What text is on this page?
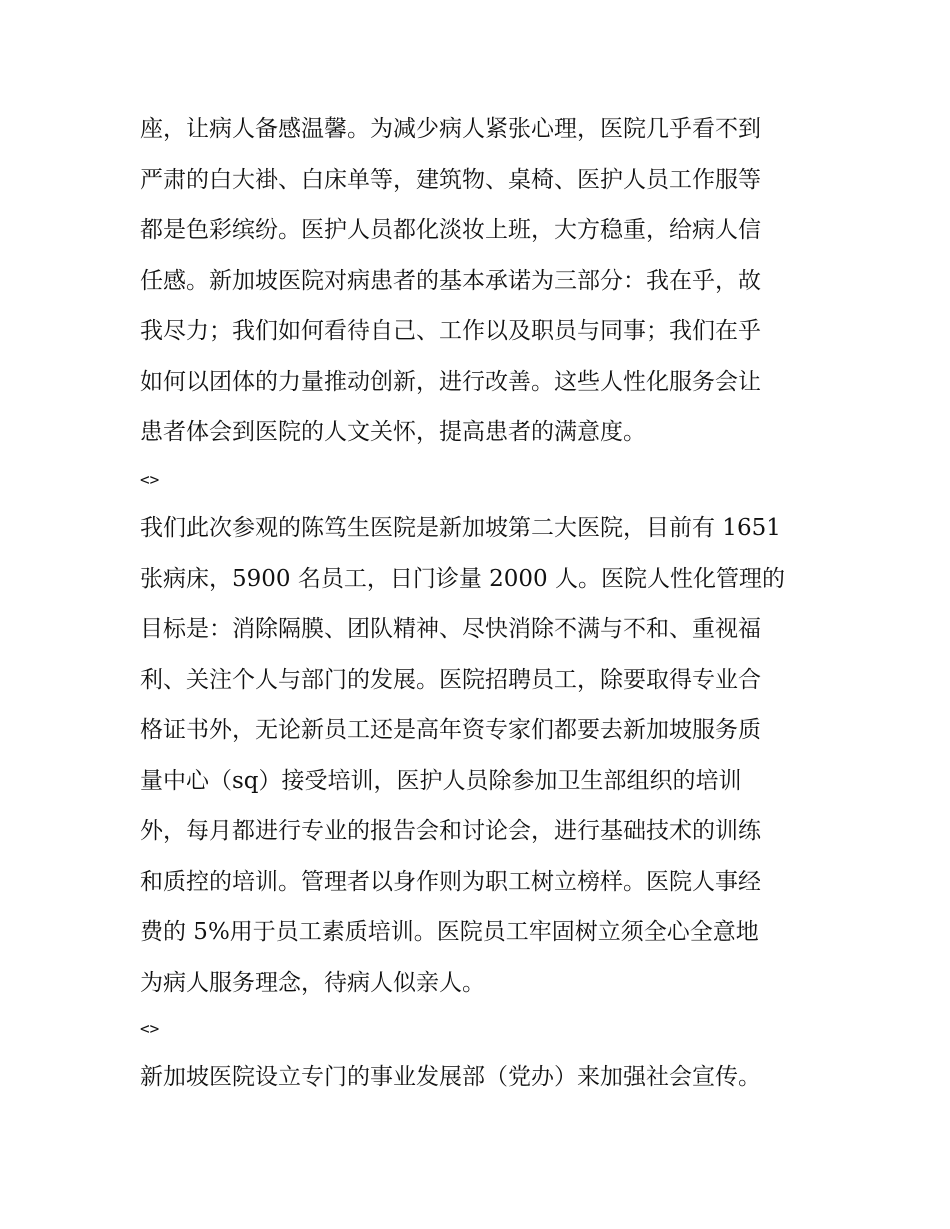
座，让病人备感温馨。为减少病人紧张心理，医院几乎看不到
严肃的白大褂、白床单等，建筑物、桌椅、医护人员工作服等
都是色彩缤纷。医护人员都化淡妆上班，大方稳重，给病人信
任感。新加坡医院对病患者的基本承诺为三部分：我在乎，故
我尽力；我们如何看待自己、工作以及职员与同事；我们在乎
如何以团体的力量推动创新，进行改善。这些人性化服务会让
患者体会到医院的人文关怀，提高患者的满意度。
<>
我们此次参观的陈笃生医院是新加坡第二大医院，目前有 1651
张病床，5900 名员工，日门诊量 2000 人。医院人性化管理的
目标是：消除隔膜、团队精神、尽快消除不满与不和、重视福
利、关注个人与部门的发展。医院招聘员工，除要取得专业合
格证书外，无论新员工还是高年资专家们都要去新加坡服务质
量中心（sq）接受培训，医护人员除参加卫生部组织的培训
外，每月都进行专业的报告会和讨论会，进行基础技术的训练
和质控的培训。管理者以身作则为职工树立榜样。医院人事经
费的 5%用于员工素质培训。医院员工牢固树立须全心全意地
为病人服务理念，待病人似亲人。
<>
新加坡医院设立专门的事业发展部（党办）来加强社会宣传。
